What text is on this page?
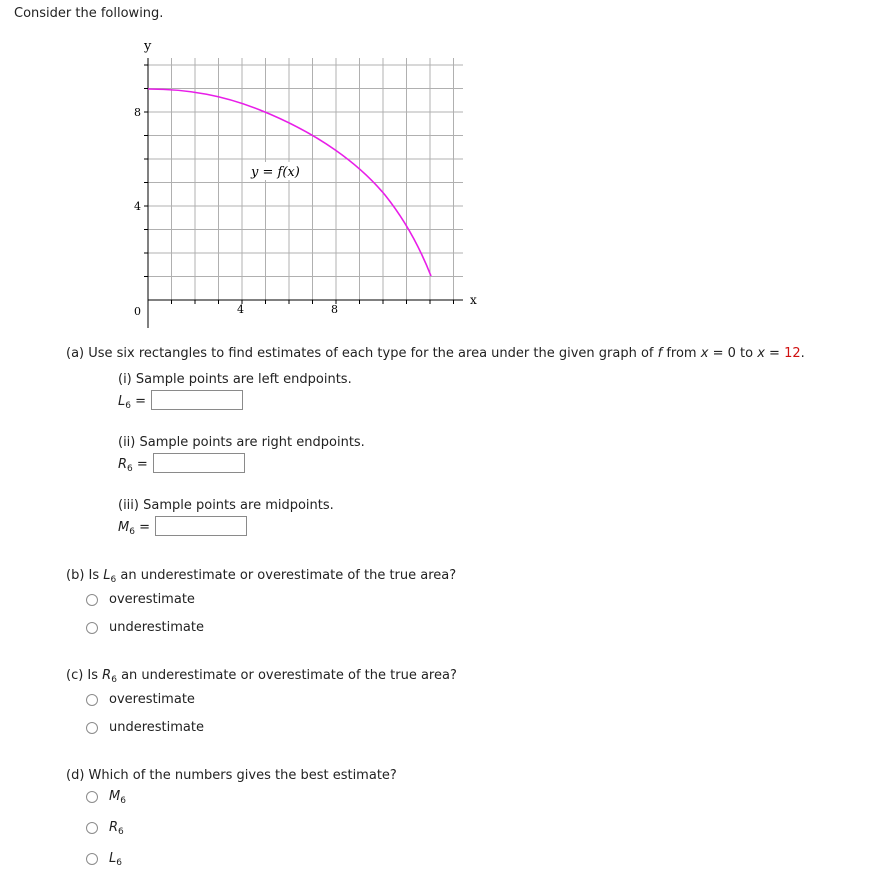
Consider the following.
y
x
8
4
0	4	8
y = f(x)
(a) Use six rectangles to find estimates of each type for the area under the given graph of f from x = 0 to x = 12.
(i) Sample points are left endpoints.
$L_6$ =
(ii) Sample points are right endpoints.
$R_6$ =
(iii) Sample points are midpoints.
$M_6$ =
(b) Is $L_6$ an underestimate or overestimate of the true area?
overestimate
underestimate
(c) Is $R_6$ an underestimate or overestimate of the true area?
overestimate
underestimate
(d) Which of the numbers gives the best estimate?
$M_6$
$R_6$
$L_6$
